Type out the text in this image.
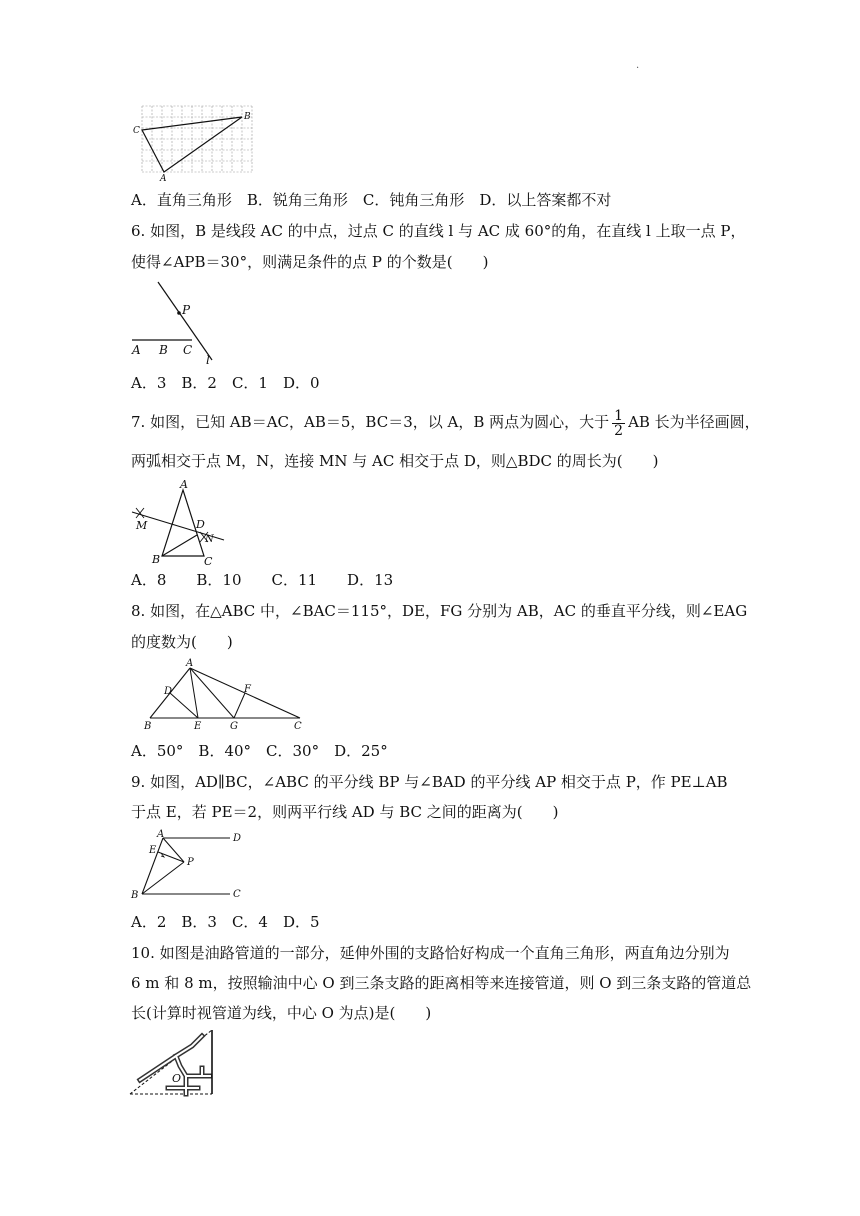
.
C
B
A
A．直角三角形　B．锐角三角形　C．钝角三角形　D．以上答案都不对
6. 如图，B 是线段 AC 的中点，过点 C 的直线 l 与 AC 成 60°的角，在直线 l 上取一点 P，
使得∠APB＝30°，则满足条件的点 P 的个数是(　　)
P
A B C
l
A．3　B．2　C．1　D．0
7. 如图，已知 AB＝AC，AB＝5，BC＝3，以 A，B 两点为圆心，大于 $\frac{1}{2}$ AB 长为半径画圆，
两弧相交于点 M，N，连接 MN 与 AC 相交于点 D，则△BDC 的周长为(　　)
A
M	D
N
B	C
A．8　　B．10　　C．11　　D．13
8. 如图，在△ABC 中，∠BAC＝115°，DE，FG 分别为 AB，AC 的垂直平分线，则∠EAG
的度数为(　　)
A
D	F
B	E	G	C
A．50°　B．40°　C．30°　D．25°
9. 如图，AD∥BC，∠ABC 的平分线 BP 与∠BAD 的平分线 AP 相交于点 P，作 PE⊥AB
于点 E，若 PE＝2，则两平行线 AD 与 BC 之间的距离为(　　)
A	D
E
P
B	C
A．2　B．3　C．4　D．5
10. 如图是油路管道的一部分，延伸外围的支路恰好构成一个直角三角形，两直角边分别为
6 m 和 8 m，按照输油中心 O 到三条支路的距离相等来连接管道，则 O 到三条支路的管道总
长(计算时视管道为线，中心 O 为点)是(　　)
O
